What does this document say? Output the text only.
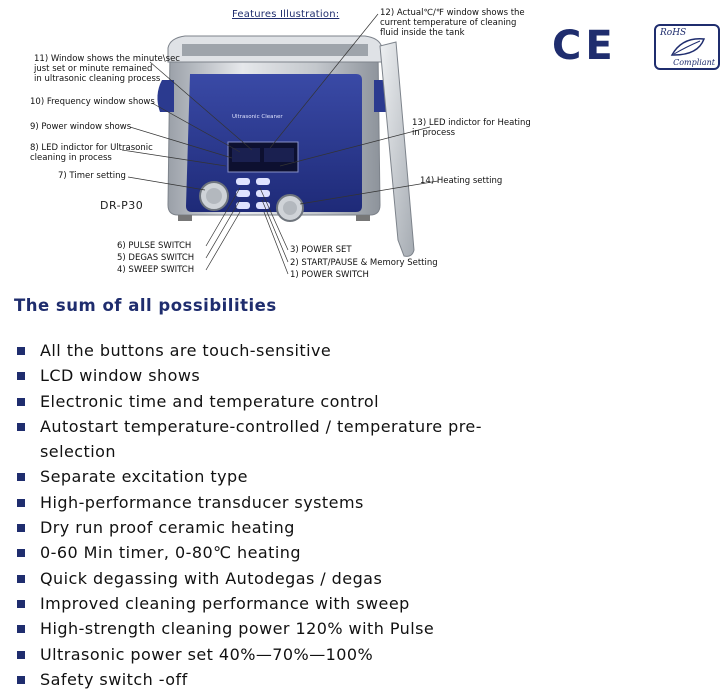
Features Illustration:
Ultrasonic Cleaner
11) Window shows the minute\sec
just set or minute remained
in ultrasonic cleaning process
10) Frequency window shows
9) Power window shows
8) LED indictor for Ultrasonic
cleaning in process
7) Timer setting
DR-P30
12) Actual℃/℉ window shows the
current temperature of cleaning
fluid inside the tank
13) LED indictor for Heating
in process
14) Heating setting
6) PULSE SWITCH
5) DEGAS SWITCH
4) SWEEP SWITCH
3) POWER SET
2) START/PAUSE & Memory Setting
1) POWER SWITCH
CE	RoHS
Compliant
The sum of all possibilities
All the buttons are touch-sensitive
LCD window shows
Electronic time and temperature control
Autostart temperature-controlled / temperature pre-selection
Separate excitation type
High-performance transducer systems
Dry run proof ceramic heating
0-60 Min timer, 0-80℃ heating
Quick degassing with Autodegas / degas
Improved cleaning performance with sweep
High-strength cleaning power 120% with Pulse
Ultrasonic power set 40%—70%—100%
Safety switch -off
